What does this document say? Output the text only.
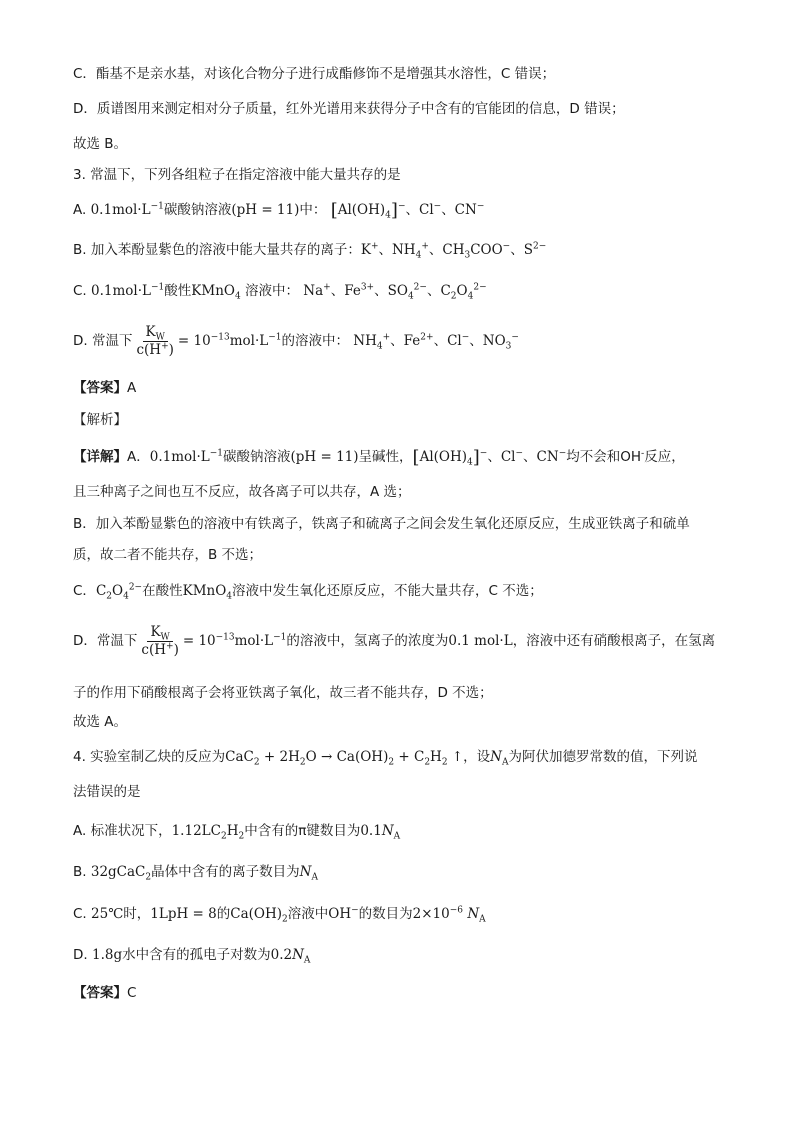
C．酯基不是亲水基，对该化合物分子进行成酯修饰不是增强其水溶性，C 错误；
D．质谱图用来测定相对分子质量，红外光谱用来获得分子中含有的官能团的信息，D 错误；
故选 B。
3. 常温下，下列各组粒子在指定溶液中能大量共存的是
A. $0.1mol\cdot L^{-1}$碳酸钠溶液(pH = 11)中： $[Al(OH)_4]^-$、Cl−、CN−
B. 加入苯酚显紫色的溶液中能大量共存的离子：K+、$NH_4^+$、$CH_3COO^-$、$S^{2-}$
C. $0.1mol\cdot L^{-1}$酸性KMnO$_4$ 溶液中： Na+、$Fe^{3+}$、$SO_4^{2-}$、$C_2O_4^{2-}$
D. 常温下 $\frac{K_W}{c(H^+)} = 10^{-13}mol\cdot L^{-1}$的溶液中： $NH_4^+$、$Fe^{2+}$、Cl−、$NO_3^-$
【答案】A
【解析】
【详解】A．$0.1mol\cdot L^{-1}$碳酸钠溶液(pH = 11)呈碱性，$[Al(OH)_4]^-$、Cl−、CN−均不会和OH-反应，
且三种离子之间也互不反应，故各离子可以共存，A 选；
B．加入苯酚显紫色的溶液中有铁离子，铁离子和硫离子之间会发生氧化还原反应，生成亚铁离子和硫单
质，故二者不能共存，B 不选；
C．$C_2O_4^{2-}$在酸性KMnO$_4$溶液中发生氧化还原反应，不能大量共存，C 不选；
D．常温下 $\frac{K_W}{c(H^+)} = 10^{-13}mol\cdot L^{-1}$的溶液中，氢离子的浓度为0.1 mol·L，溶液中还有硝酸根离子，在氢离
子的作用下硝酸根离子会将亚铁离子氧化，故三者不能共存，D 不选；
故选 A。
4. 实验室制乙炔的反应为$CaC_2 + 2H_2O \to Ca(OH)_2 + C_2H_2$ ↑，设$N_A$为阿伏加德罗常数的值，下列说
法错误的是
A. 标准状况下，$1.12LC_2H_2$中含有的π键数目为$0.1N_A$
B. 32gCaC$_2$晶体中含有的离子数目为$N_A$
C. 25℃时，1LpH = 8的$Ca(OH)_2$溶液中OH−的数目为$2\times 10^{-6}$ $N_A$
D. 1.8g水中含有的孤电子对数为$0.2N_A$
【答案】C
